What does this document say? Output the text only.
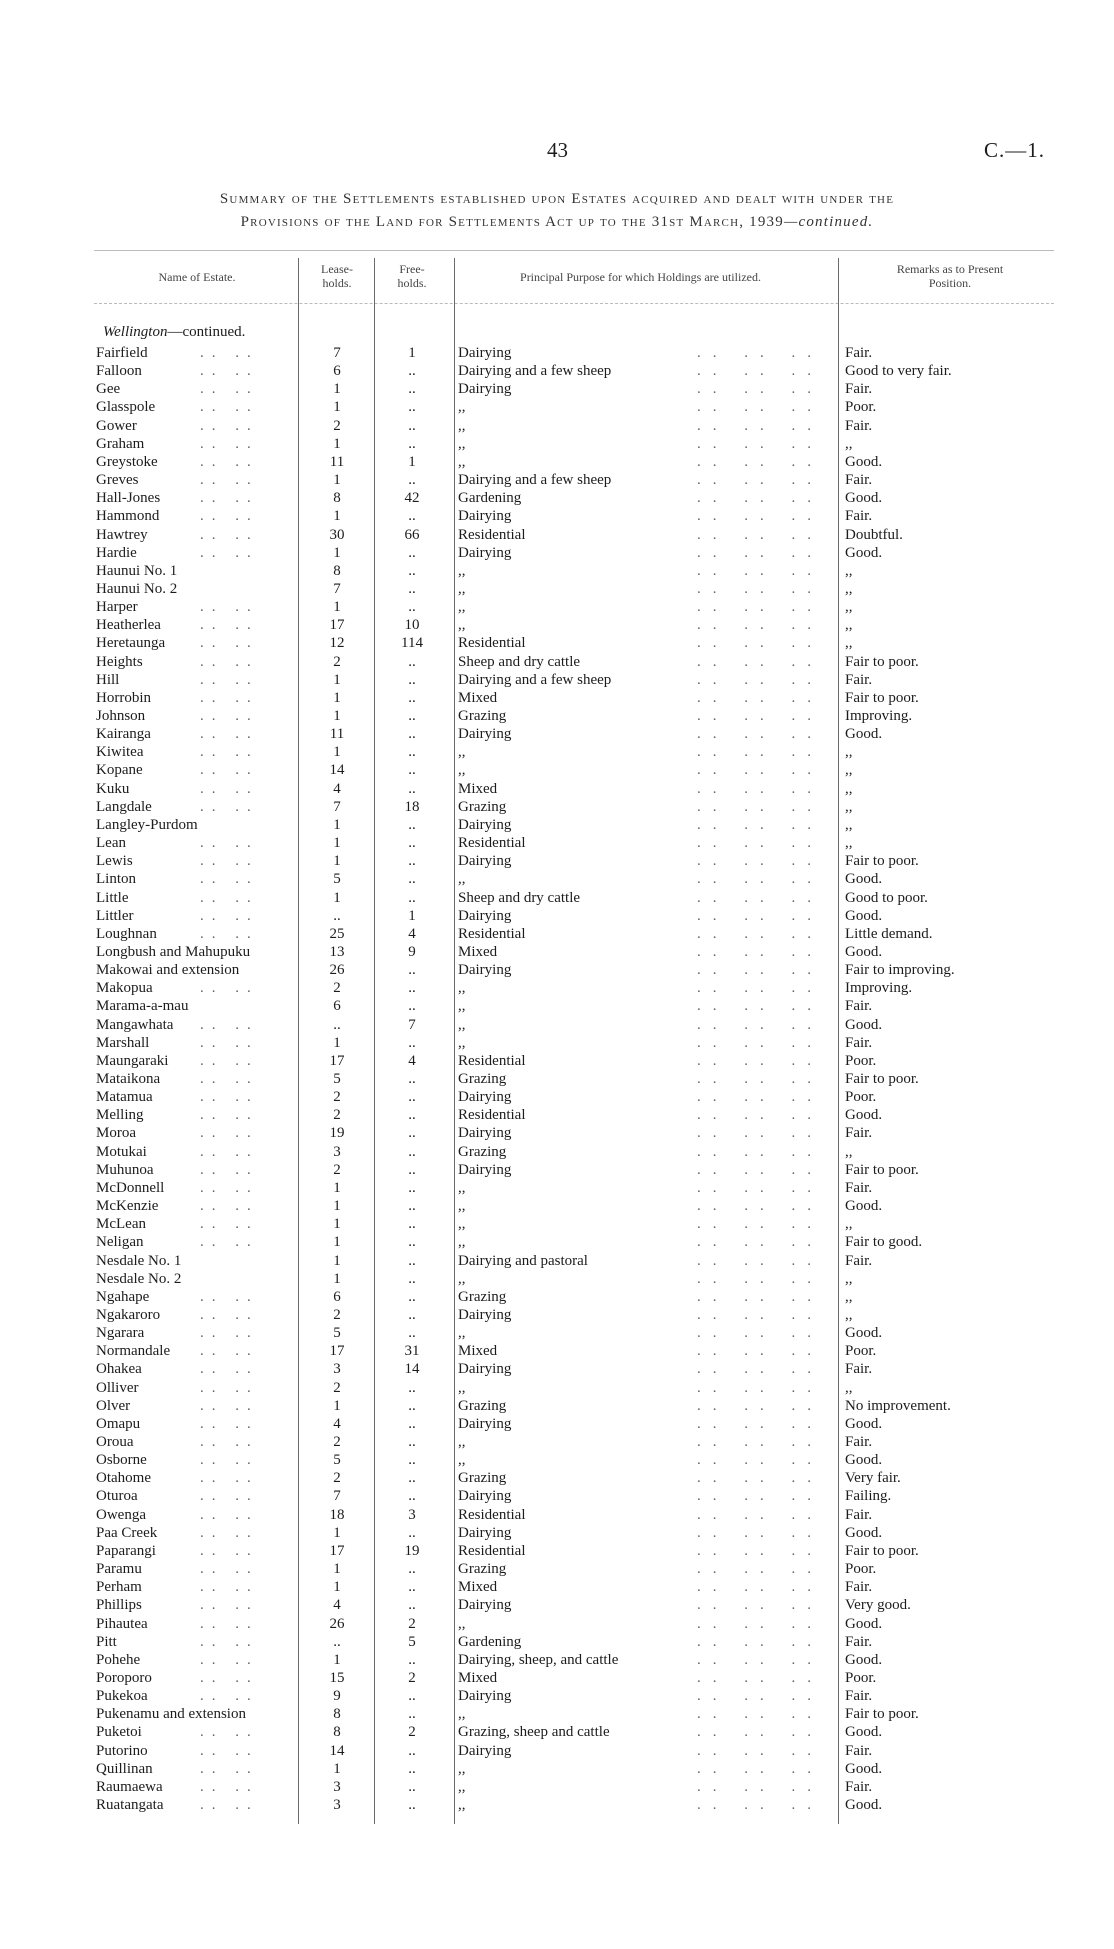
43	C.—1.
Summary of the Settlements established upon Estates acquired and dealt with under the
Provisions of the Land for Settlements Act up to the 31st March, 1939—continued.
Name of Estate.
Lease-
holds.
Free-
holds.	Principal Purpose for which Holdings are utilized.
Remarks as to Present
Position.
Wellington—continued.
Fairfield	.. ..	7	1	Dairying	.. .. .. Fair.
Falloon	.. ..	6	..	Dairying and a few sheep	.. .. .. Good to very fair.
Gee	.. ..	1	..	Dairying	.. .. .. Fair.
Glasspole	.. ..	1	..	,,	.. .. .. Poor.
Gower	.. ..	2	..	,,	.. .. .. Fair.
Graham	.. ..	1	..	,,	.. .. .. ,,
Greystoke	.. ..	11	1	,,	.. .. .. Good.
Greves	.. ..	1	..	Dairying and a few sheep	.. .. .. Fair.
Hall-Jones	.. ..	8	42	Gardening	.. .. .. Good.
Hammond	.. ..	1	..	Dairying	.. .. .. Fair.
Hawtrey	.. ..	30	66	Residential	.. .. .. Doubtful.
Hardie	.. ..	1	..	Dairying	.. .. .. Good.
Haunui No. 1	8	..	,,	.. .. .. ,,
Haunui No. 2	7	..	,,	.. .. .. ,,
Harper	.. ..	1	..	,,	.. .. .. ,,
Heatherlea	.. ..	17	10	,,	.. .. .. ,,
Heretaunga .. ..	12	114	Residential	.. .. .. ,,
Heights	.. ..	2	..	Sheep and dry cattle	.. .. .. Fair to poor.
Hill	.. ..	1	..	Dairying and a few sheep	.. .. .. Fair.
Horrobin	.. ..	1	..	Mixed	.. .. .. Fair to poor.
Johnson	.. ..	1	..	Grazing	.. .. .. Improving.
Kairanga	.. ..	11	..	Dairying	.. .. .. Good.
Kiwitea	.. ..	1	..	,,	.. .. .. ,,
Kopane	.. ..	14	..	,,	.. .. .. ,,
Kuku	.. ..	4	..	Mixed	.. .. .. ,,
Langdale	.. ..	7	18	Grazing	.. .. .. ,,
Langley-Purdom	1	..	Dairying	.. .. .. ,,
Lean	.. ..	1	..	Residential	.. .. .. ,,
Lewis	.. ..	1	..	Dairying	.. .. .. Fair to poor.
Linton	.. ..	5	..	,,	.. .. .. Good.
Little	.. ..	1	..	Sheep and dry cattle	.. .. .. Good to poor.
Littler	.. ..	..	1	Dairying	.. .. .. Good.
Loughnan	.. ..	25	4	Residential	.. .. .. Little demand.
Longbush and Mahupuku	13	9	Mixed	.. .. .. Good.
Makowai and extension	26	..	Dairying	.. .. .. Fair to improving.
Makopua	.. ..	2	..	,,	.. .. .. Improving.
Marama-a-mau	6	..	,,	.. .. .. Fair.
Mangawhata .. ..	..	7	,,	.. .. .. Good.
Marshall	.. ..	1	..	,,	.. .. .. Fair.
Maungaraki .. ..	17	4	Residential	.. .. .. Poor.
Mataikona	.. ..	5	..	Grazing	.. .. .. Fair to poor.
Matamua	.. ..	2	..	Dairying	.. .. .. Poor.
Melling	.. ..	2	..	Residential	.. .. .. Good.
Moroa	.. ..	19	..	Dairying	.. .. .. Fair.
Motukai	.. ..	3	..	Grazing	.. .. .. ,,
Muhunoa	.. ..	2	..	Dairying	.. .. .. Fair to poor.
McDonnell .. ..	1	..	,,	.. .. .. Fair.
McKenzie	.. ..	1	..	,,	.. .. .. Good.
McLean	.. ..	1	..	,,	.. .. .. ,,
Neligan	.. ..	1	..	,,	.. .. .. Fair to good.
Nesdale No. 1	1	..	Dairying and pastoral	.. .. .. Fair.
Nesdale No. 2	1	..	,,	.. .. .. ,,
Ngahape	.. ..	6	..	Grazing	.. .. .. ,,
Ngakaroro	.. ..	2	..	Dairying	.. .. .. ,,
Ngarara	.. ..	5	..	,,	.. .. .. Good.
Normandale .. ..	17	31	Mixed	.. .. .. Poor.
Ohakea	.. ..	3	14	Dairying	.. .. .. Fair.
Olliver	.. ..	2	..	,,	.. .. .. ,,
Olver	.. ..	1	..	Grazing	.. .. .. No improvement.
Omapu	.. ..	4	..	Dairying	.. .. .. Good.
Oroua	.. ..	2	..	,,	.. .. .. Fair.
Osborne	.. ..	5	..	,,	.. .. .. Good.
Otahome	.. ..	2	..	Grazing	.. .. .. Very fair.
Oturoa	.. ..	7	..	Dairying	.. .. .. Failing.
Owenga	.. ..	18	3	Residential	.. .. .. Fair.
Paa Creek	.. ..	1	..	Dairying	.. .. .. Good.
Paparangi	.. ..	17	19	Residential	.. .. .. Fair to poor.
Paramu	.. ..	1	..	Grazing	.. .. .. Poor.
Perham	.. ..	1	..	Mixed	.. .. .. Fair.
Phillips	.. ..	4	..	Dairying	.. .. .. Very good.
Pihautea	.. ..	26	2	,,	.. .. .. Good.
Pitt	.. ..	..	5	Gardening	.. .. .. Fair.
Pohehe	.. ..	1	..	Dairying, sheep, and cattle	.. .. .. Good.
Poroporo	.. ..	15	2	Mixed	.. .. .. Poor.
Pukekoa	.. ..	9	..	Dairying	.. .. .. Fair.
Pukenamu and extension	8	..	,,	.. .. .. Fair to poor.
Puketoi	.. ..	8	2	Grazing, sheep and cattle	.. .. .. Good.
Putorino	.. ..	14	..	Dairying	.. .. .. Fair.
Quillinan	.. ..	1	..	,,	.. .. .. Good.
Raumaewa .. ..	3	..	,,	.. .. .. Fair.
Ruatangata .. ..	3	..	,,	.. .. .. Good.
